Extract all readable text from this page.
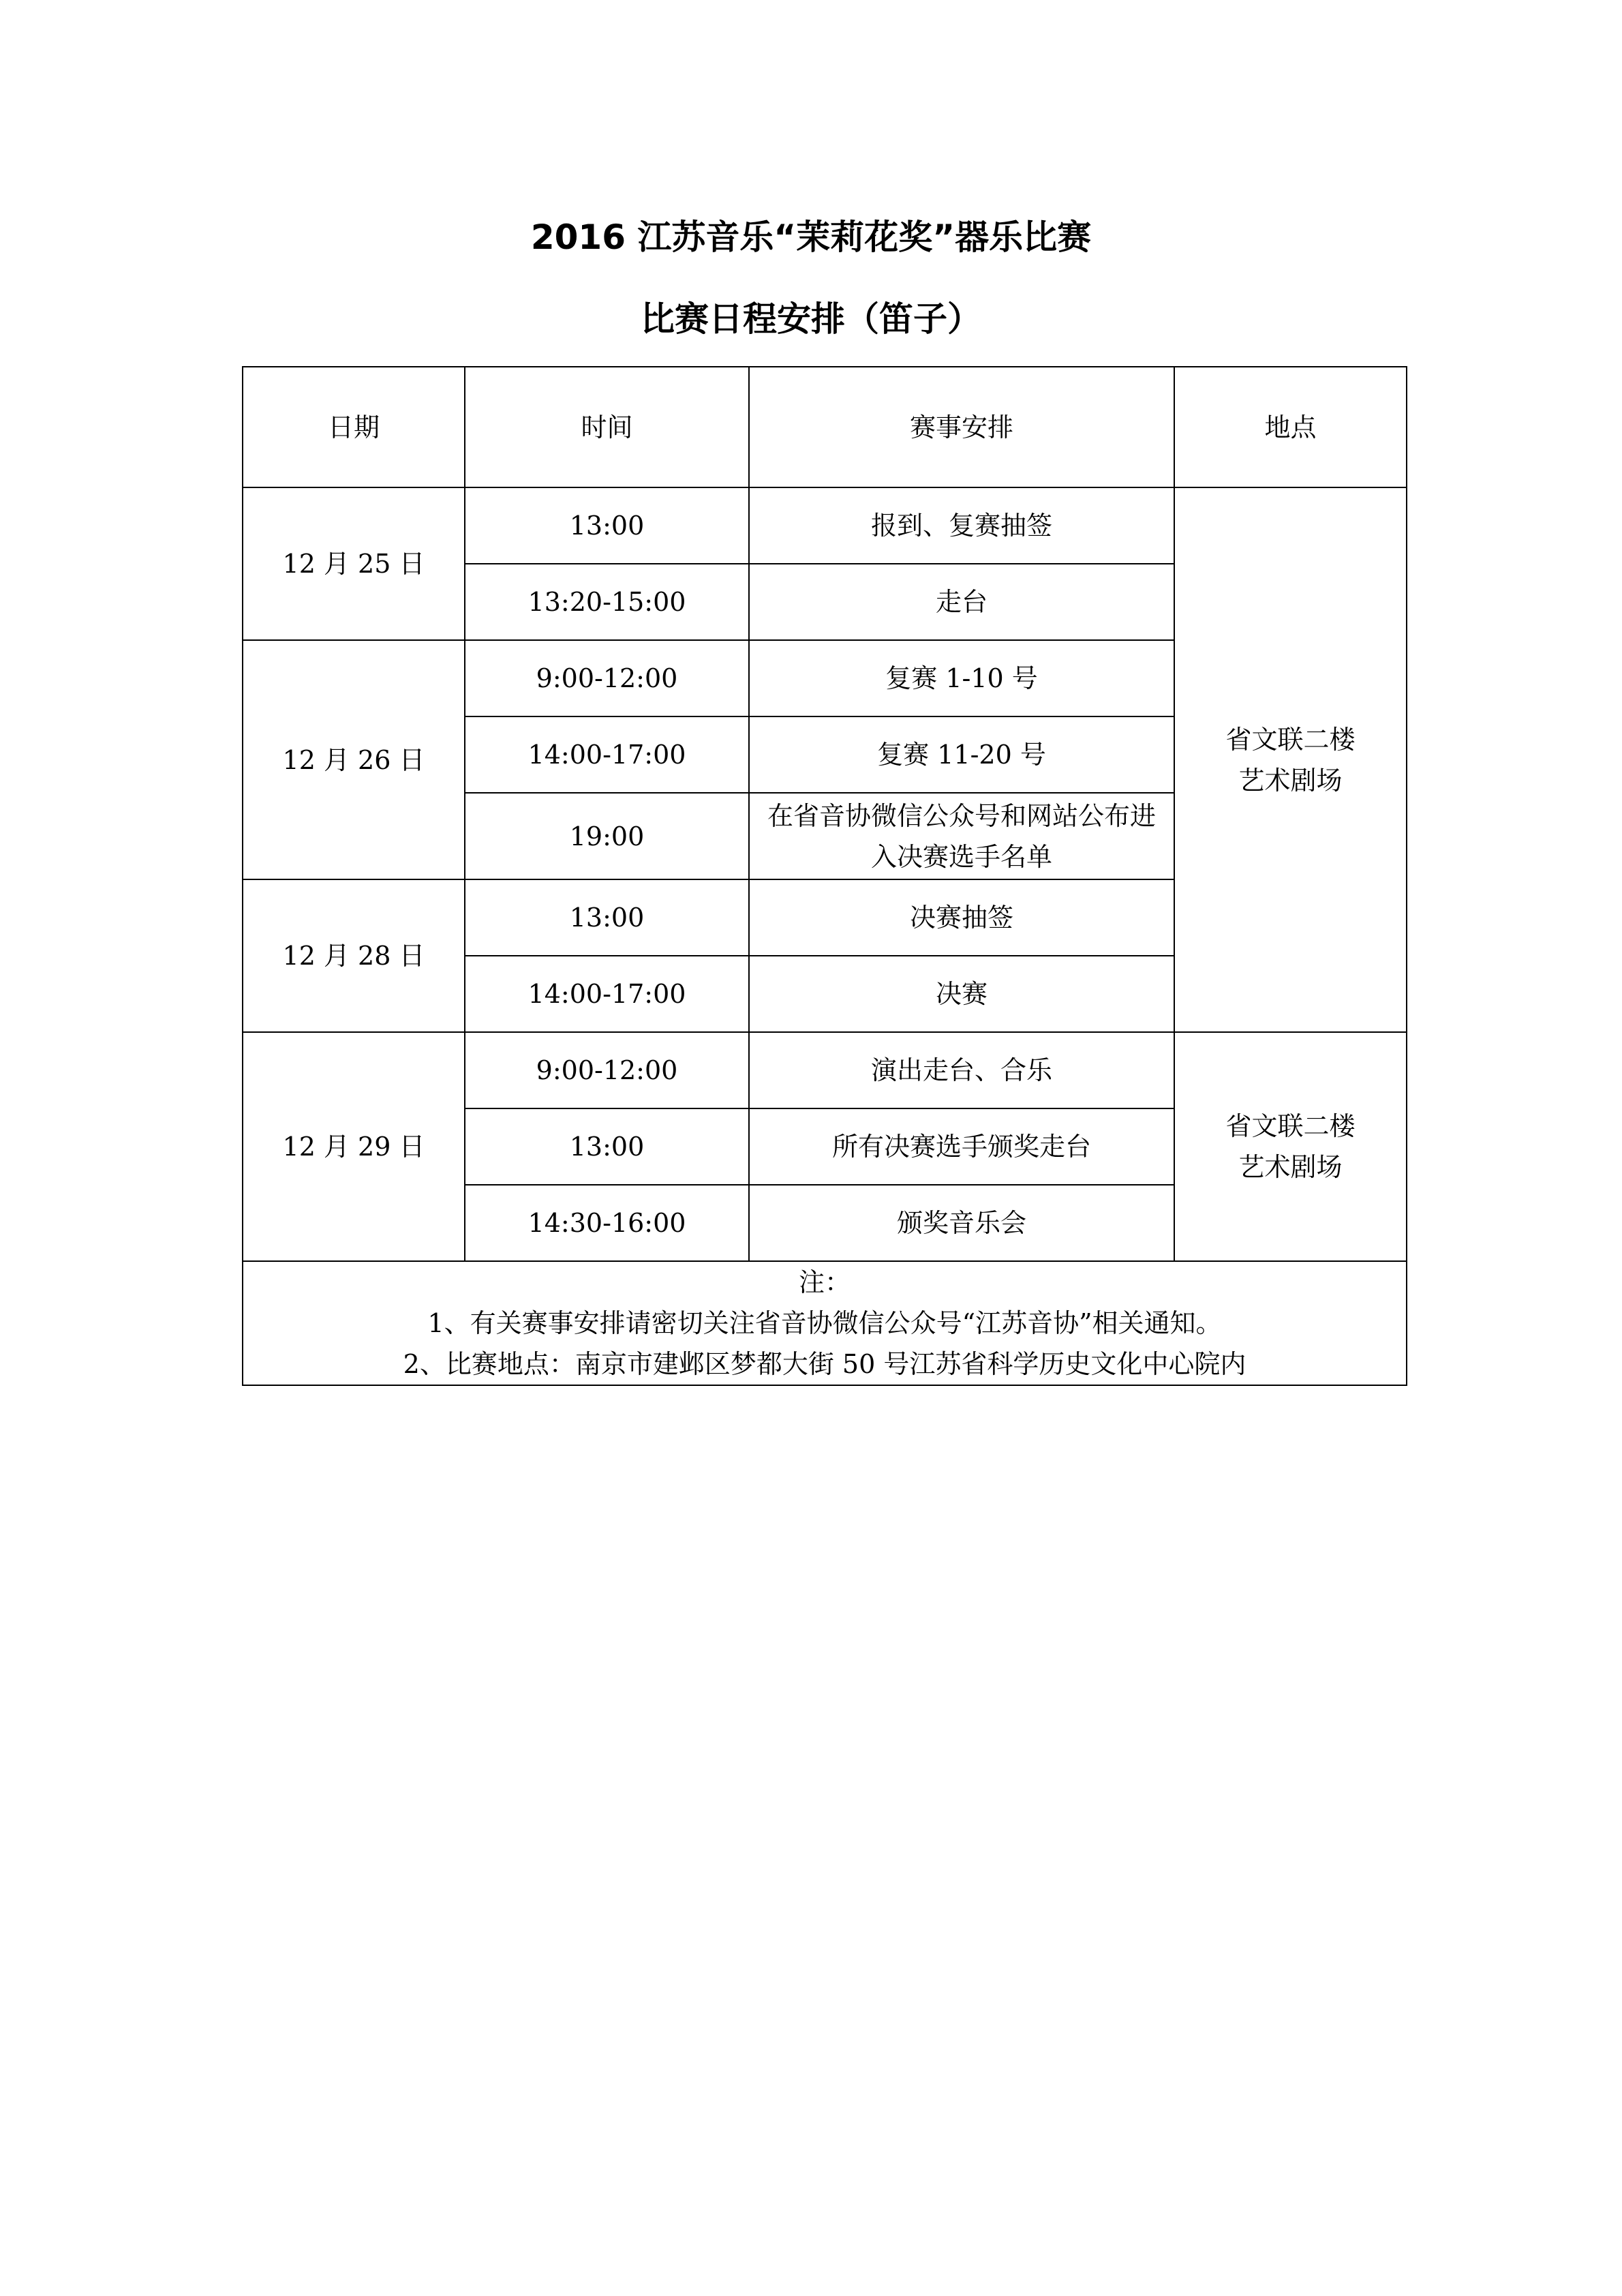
2016 江苏音乐“茉莉花奖”器乐比赛
比赛日程安排（笛子）
日期	时间	赛事安排	地点
12 月 25 日	13:00	报到、复赛抽签	省文联二楼
艺术剧场

	13:20-15:00	走台	
12 月 26 日	9:00-12:00	复赛 1-10 号	
	14:00-17:00	复赛 11-20 号	
	19:00	在省音协微信公众号和网站公布进入决赛选手名单	
12 月 28 日	13:00	决赛抽签	
	14:00-17:00	决赛	
12 月 29 日	9:00-12:00	演出走台、合乐	省文联二楼
艺术剧场

	13:00	所有决赛选手颁奖走台	
	14:30-16:00	颁奖音乐会	

注：
1、有关赛事安排请密切关注省音协微信公众号“江苏音协”相关通知。
2、比赛地点：南京市建邺区梦都大街 50 号江苏省科学历史文化中心院内			
